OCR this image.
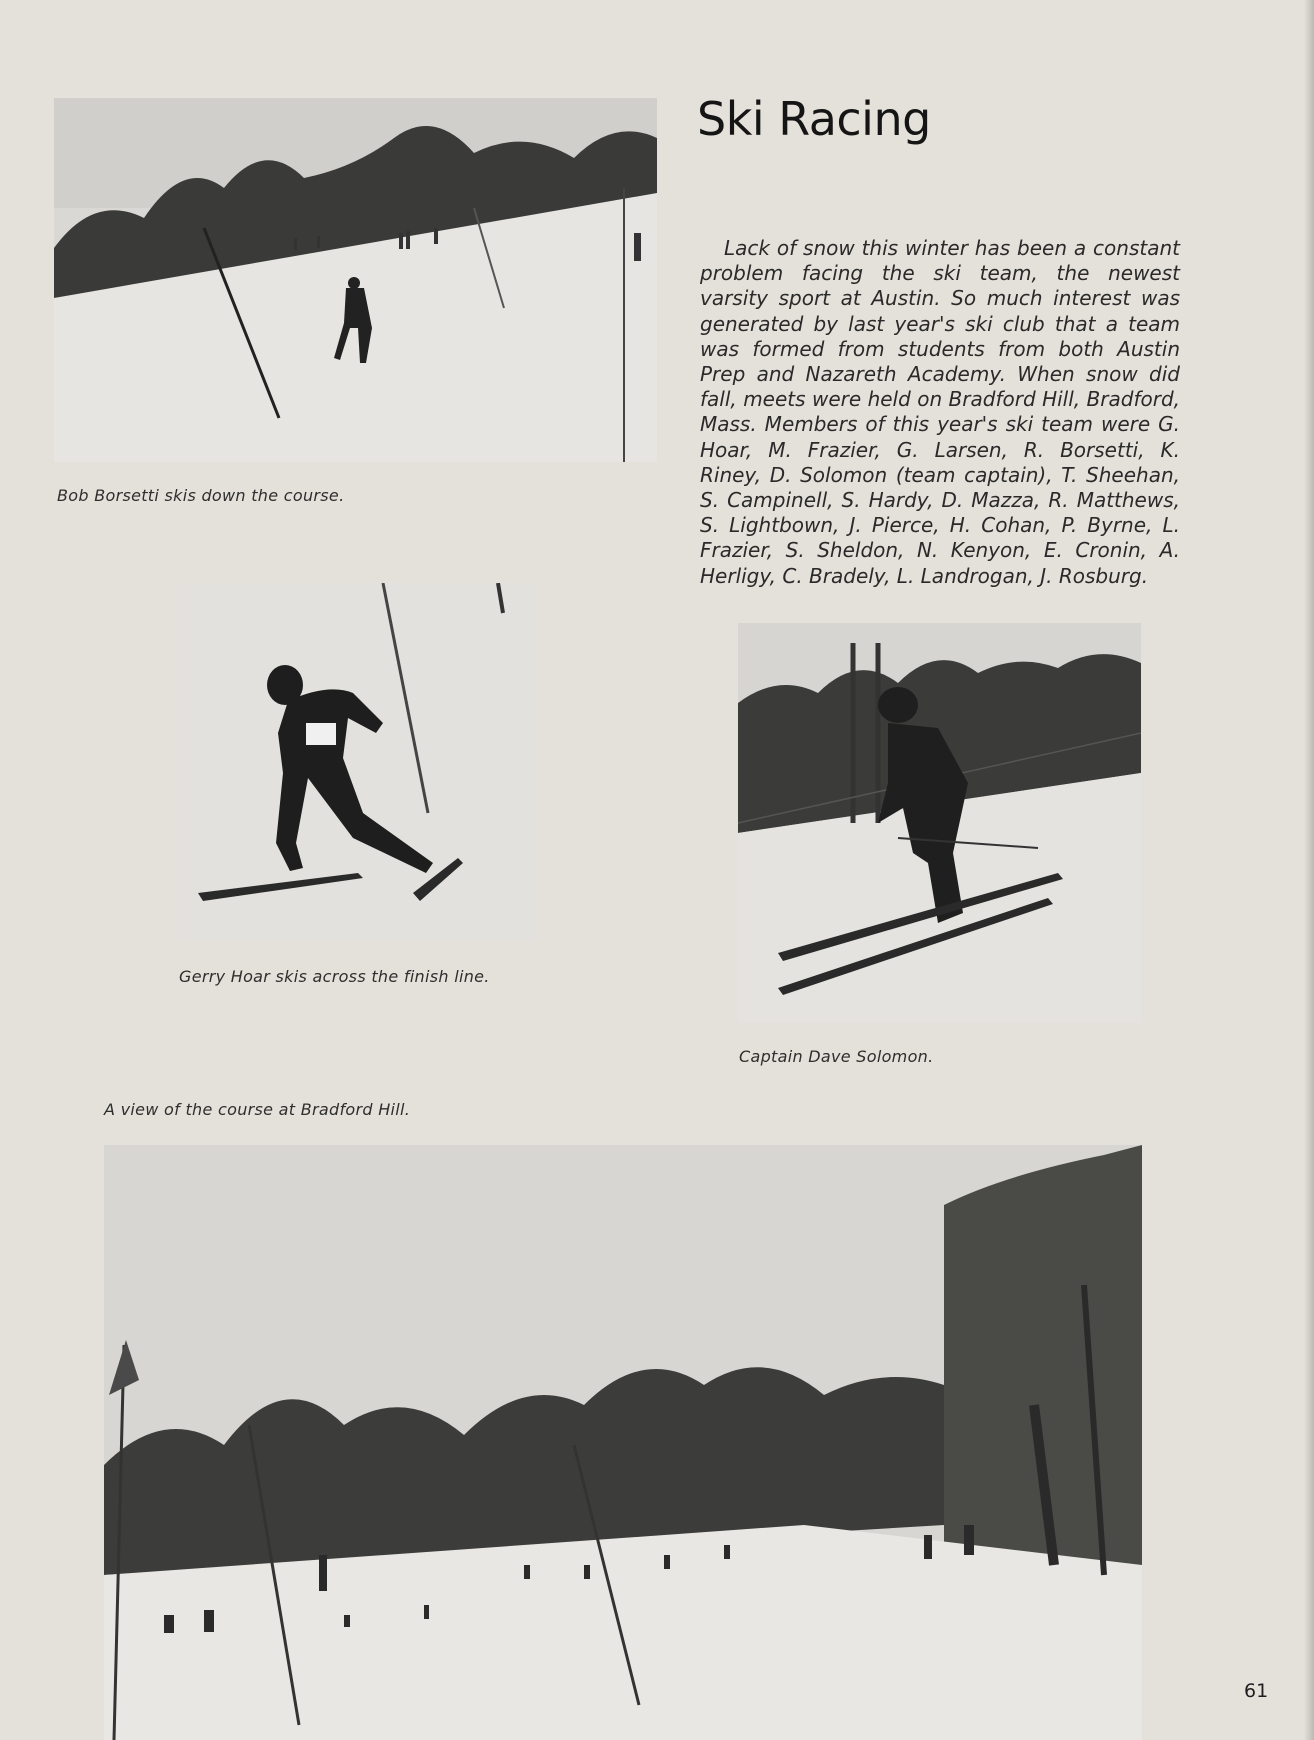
Bob Borsetti skis down the course.

Ski Racing

Lack of snow this winter has been a constant problem facing the ski team, the newest varsity sport at Austin. So much interest was generated by last year's ski club that a team was formed from students from both Austin Prep and Nazareth Academy. When snow did fall, meets were held on Bradford Hill, Bradford, Mass. Members of this year's ski team were G. Hoar, M. Frazier, G. Larsen, R. Borsetti, K. Riney, D. Solomon (team captain), T. Sheehan, S. Campinell, S. Hardy, D. Mazza, R. Matthews, S. Lightbown, J. Pierce, H. Cohan, P. Byrne, L. Frazier, S. Sheldon, N. Kenyon, E. Cronin, A. Herligy, C. Bradely, L. Landrogan, J. Rosburg.

Gerry Hoar skis across the finish line.

Captain Dave Solomon.

A view of the course at Bradford Hill.

61
